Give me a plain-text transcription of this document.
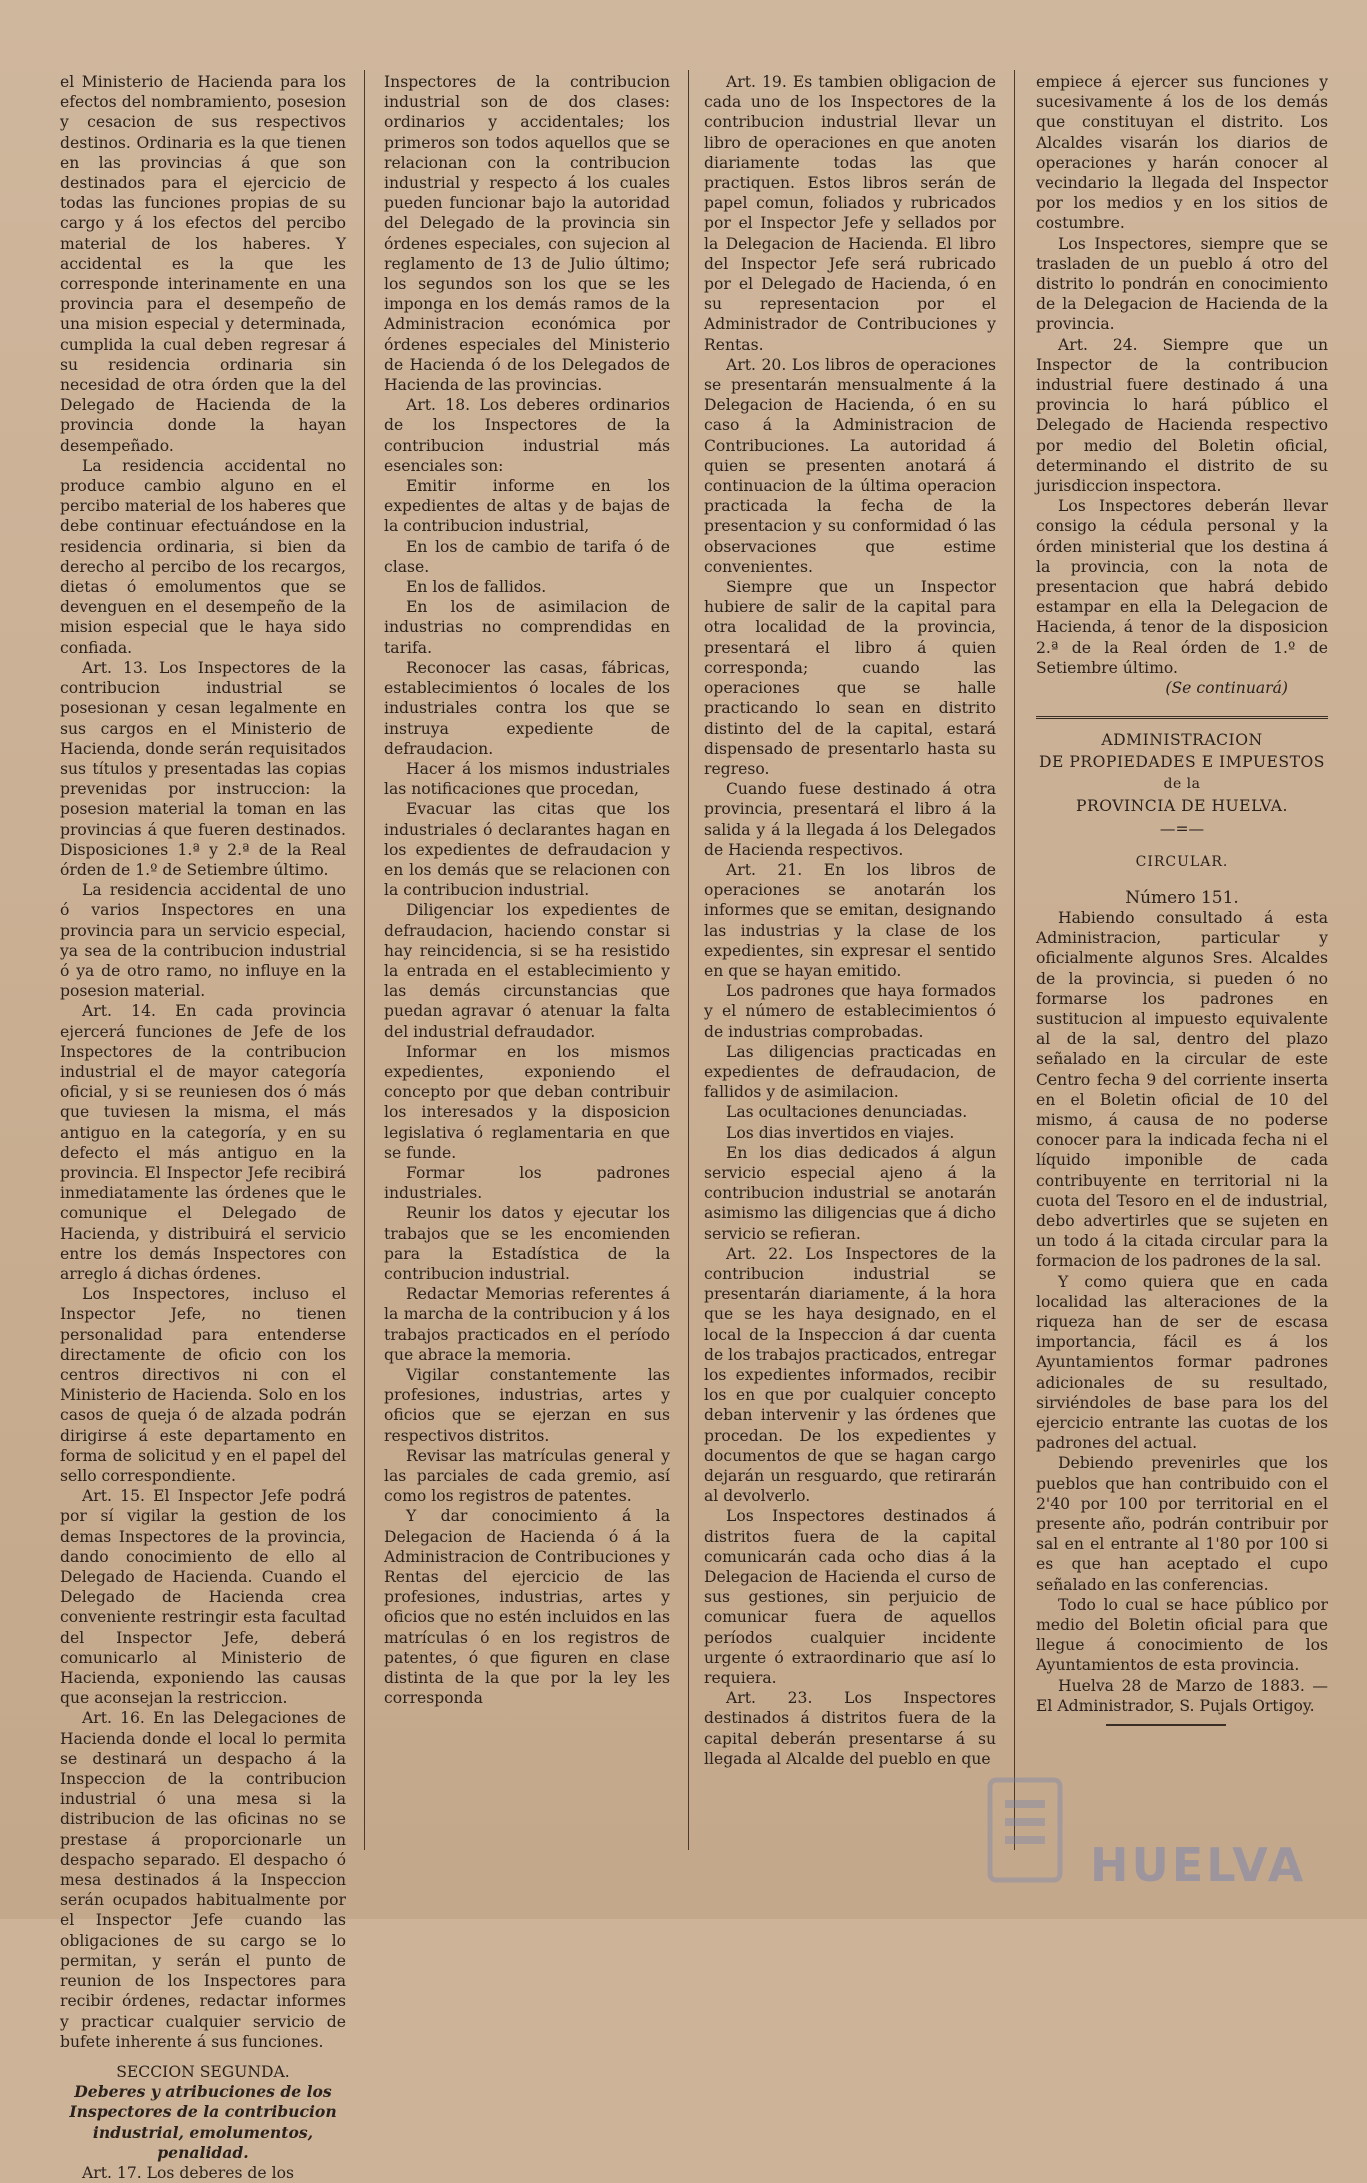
el Ministerio de Hacienda para los efectos del nombramiento, posesion y cesacion de sus respectivos destinos. Ordinaria es la que tienen en las provincias á que son destinados para el ejercicio de todas las funciones propias de su cargo y á los efectos del percibo material de los haberes. Y accidental es la que les corresponde interinamente en una provincia para el desempeño de una mision especial y determinada, cumplida la cual deben regresar á su residencia ordinaria sin necesidad de otra órden que la del Delegado de Hacienda de la provincia donde la hayan desempeñado.

La residencia accidental no produce cambio alguno en el percibo material de los haberes que debe continuar efectuándose en la residencia ordinaria, si bien da derecho al percibo de los recargos, dietas ó emolumentos que se devenguen en el desempeño de la mision especial que le haya sido confiada.

Art. 13. Los Inspectores de la contribucion industrial se posesionan y cesan legalmente en sus cargos en el Ministerio de Hacienda, donde serán requisitados sus títulos y presentadas las copias prevenidas por instruccion: la posesion material la toman en las provincias á que fueren destinados. Disposiciones 1.ª y 2.ª de la Real órden de 1.º de Setiembre último.

La residencia accidental de uno ó varios Inspectores en una provincia para un servicio especial, ya sea de la contribucion industrial ó ya de otro ramo, no influye en la posesion material.

Art. 14. En cada provincia ejercerá funciones de Jefe de los Inspectores de la contribucion industrial el de mayor categoría oficial, y si se reuniesen dos ó más que tuviesen la misma, el más antiguo en la categoría, y en su defecto el más antiguo en la provincia. El Inspector Jefe recibirá inmediatamente las órdenes que le comunique el Delegado de Hacienda, y distribuirá el servicio entre los demás Inspectores con arreglo á dichas órdenes.

Los Inspectores, incluso el Inspector Jefe, no tienen personalidad para entenderse directamente de oficio con los centros directivos ni con el Ministerio de Hacienda. Solo en los casos de queja ó de alzada podrán dirigirse á este departamento en forma de solicitud y en el papel del sello correspondiente.

Art. 15. El Inspector Jefe podrá por sí vigilar la gestion de los demas Inspectores de la provincia, dando conocimiento de ello al Delegado de Hacienda. Cuando el Delegado de Hacienda crea conveniente restringir esta facultad del Inspector Jefe, deberá comunicarlo al Ministerio de Hacienda, exponiendo las causas que aconsejan la restriccion.

Art. 16. En las Delegaciones de Hacienda donde el local lo permita se destinará un despacho á la Inspeccion de la contribucion industrial ó una mesa si la distribucion de las oficinas no se prestase á proporcionarle un despacho separado. El despacho ó mesa destinados á la Inspeccion serán ocupados habitualmente por el Inspector Jefe cuando las obligaciones de su cargo se lo permitan, y serán el punto de reunion de los Inspectores para recibir órdenes, redactar informes y practicar cualquier servicio de bufete inherente á sus funciones.

SECCION SEGUNDA.

Deberes y atribuciones de los Inspectores de la contribucion industrial, emolumentos, penalidad.

Art. 17. Los deberes de los

Inspectores de la contribucion industrial son de dos clases: ordinarios y accidentales; los primeros son todos aquellos que se relacionan con la contribucion industrial y respecto á los cuales pueden funcionar bajo la autoridad del Delegado de la provincia sin órdenes especiales, con sujecion al reglamento de 13 de Julio último; los segundos son los que se les imponga en los demás ramos de la Administracion económica por órdenes especiales del Ministerio de Hacienda ó de los Delegados de Hacienda de las provincias.

Art. 18. Los deberes ordinarios de los Inspectores de la contribucion industrial más esenciales son:

Emitir informe en los expedientes de altas y de bajas de la contribucion industrial,

En los de cambio de tarifa ó de clase.

En los de fallidos.

En los de asimilacion de industrias no comprendidas en tarifa.

Reconocer las casas, fábricas, establecimientos ó locales de los industriales contra los que se instruya expediente de defraudacion.

Hacer á los mismos industriales las notificaciones que procedan,

Evacuar las citas que los industriales ó declarantes hagan en los expedientes de defraudacion y en los demás que se relacionen con la contribucion industrial.

Diligenciar los expedientes de defraudacion, haciendo constar si hay reincidencia, si se ha resistido la entrada en el establecimiento y las demás circunstancias que puedan agravar ó atenuar la falta del industrial defraudador.

Informar en los mismos expedientes, exponiendo el concepto por que deban contribuir los interesados y la disposicion legislativa ó reglamentaria en que se funde.

Formar los padrones industriales.

Reunir los datos y ejecutar los trabajos que se les encomienden para la Estadística de la contribucion industrial.

Redactar Memorias referentes á la marcha de la contribucion y á los trabajos practicados en el período que abrace la memoria.

Vigilar constantemente las profesiones, industrias, artes y oficios que se ejerzan en sus respectivos distritos.

Revisar las matrículas general y las parciales de cada gremio, así como los registros de patentes.

Y dar conocimiento á la Delegacion de Hacienda ó á la Administracion de Contribuciones y Rentas del ejercicio de las profesiones, industrias, artes y oficios que no estén incluidos en las matrículas ó en los registros de patentes, ó que figuren en clase distinta de la que por la ley les corresponda

Art. 19. Es tambien obligacion de cada uno de los Inspectores de la contribucion industrial llevar un libro de operaciones en que anoten diariamente todas las que practiquen. Estos libros serán de papel comun, foliados y rubricados por el Inspector Jefe y sellados por la Delegacion de Hacienda. El libro del Inspector Jefe será rubricado por el Delegado de Hacienda, ó en su representacion por el Administrador de Contribuciones y Rentas.

Art. 20. Los libros de operaciones se presentarán mensualmente á la Delegacion de Hacienda, ó en su caso á la Administracion de Contribuciones. La autoridad á quien se presenten anotará á continuacion de la última operacion practicada la fecha de la presentacion y su conformidad ó las observaciones que estime convenientes.

Siempre que un Inspector hubiere de salir de la capital para otra localidad de la provincia, presentará el libro á quien corresponda; cuando las operaciones que se halle practicando lo sean en distrito distinto del de la capital, estará dispensado de presentarlo hasta su regreso.

Cuando fuese destinado á otra provincia, presentará el libro á la salida y á la llegada á los Delegados de Hacienda respectivos.

Art. 21. En los libros de operaciones se anotarán los informes que se emitan, designando las industrias y la clase de los expedientes, sin expresar el sentido en que se hayan emitido.

Los padrones que haya formados y el número de establecimientos ó de industrias comprobadas.

Las diligencias practicadas en expedientes de defraudacion, de fallidos y de asimilacion.

Las ocultaciones denunciadas.

Los dias invertidos en viajes.

En los dias dedicados á algun servicio especial ajeno á la contribucion industrial se anotarán asimismo las diligencias que á dicho servicio se refieran.

Art. 22. Los Inspectores de la contribucion industrial se presentarán diariamente, á la hora que se les haya designado, en el local de la Inspeccion á dar cuenta de los trabajos practicados, entregar los expedientes informados, recibir los en que por cualquier concepto deban intervenir y las órdenes que procedan. De los expedientes y documentos de que se hagan cargo dejarán un resguardo, que retirarán al devolverlo.

Los Inspectores destinados á distritos fuera de la capital comunicarán cada ocho dias á la Delegacion de Hacienda el curso de sus gestiones, sin perjuicio de comunicar fuera de aquellos períodos cualquier incidente urgente ó extraordinario que así lo requiera.

Art. 23. Los Inspectores destinados á distritos fuera de la capital deberán presentarse á su llegada al Alcalde del pueblo en que

empiece á ejercer sus funciones y sucesivamente á los de los demás que constituyan el distrito. Los Alcaldes visarán los diarios de operaciones y harán conocer al vecindario la llegada del Inspector por los medios y en los sitios de costumbre.

Los Inspectores, siempre que se trasladen de un pueblo á otro del distrito lo pondrán en conocimiento de la Delegacion de Hacienda de la provincia.

Art. 24. Siempre que un Inspector de la contribucion industrial fuere destinado á una provincia lo hará público el Delegado de Hacienda respectivo por medio del Boletin oficial, determinando el distrito de su jurisdiccion inspectora.

Los Inspectores deberán llevar consigo la cédula personal y la órden ministerial que los destina á la provincia, con la nota de presentacion que habrá debido estampar en ella la Delegacion de Hacienda, á tenor de la disposicion 2.ª de la Real órden de 1.º de Setiembre último.

(Se continuará)

ADMINISTRACION

DE PROPIEDADES E IMPUESTOS

de la

PROVINCIA DE HUELVA.

—=—

CIRCULAR.

Número 151.

Habiendo consultado á esta Administracion, particular y oficialmente algunos Sres. Alcaldes de la provincia, si pueden ó no formarse los padrones en sustitucion al impuesto equivalente al de la sal, dentro del plazo señalado en la circular de este Centro fecha 9 del corriente inserta en el Boletin oficial de 10 del mismo, á causa de no poderse conocer para la indicada fecha ni el líquido imponible de cada contribuyente en territorial ni la cuota del Tesoro en el de industrial, debo advertirles que se sujeten en un todo á la citada circular para la formacion de los padrones de la sal.

Y como quiera que en cada localidad las alteraciones de la riqueza han de ser de escasa importancia, fácil es á los Ayuntamientos formar padrones adicionales de su resultado, sirviéndoles de base para los del ejercicio entrante las cuotas de los padrones del actual.

Debiendo prevenirles que los pueblos que han contribuido con el 2'40 por 100 por territorial en el presente año, podrán contribuir por sal en el entrante al 1'80 por 100 si es que han aceptado el cupo señalado en las conferencias.

Todo lo cual se hace público por medio del Boletin oficial para que llegue á conocimiento de los Ayuntamientos de esta provincia.

Huelva 28 de Marzo de 1883. —El Administrador, S. Pujals Ortigoy.

HUELVA
